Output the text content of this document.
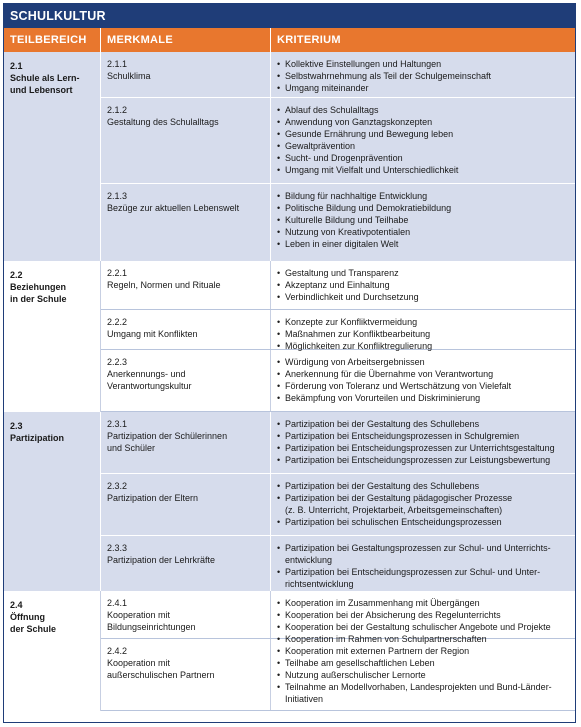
SCHULKULTUR
TEILBEREICH	MERKMALE	KRITERIUM
2.1
Schule als Lern-
und Lebensort
2.1.1
Schulklima
• Kollektive Einstellungen und Haltungen
• Selbstwahrnehmung als Teil der Schulgemeinschaft
• Umgang miteinander
2.1.2
Gestaltung des Schulalltags
• Ablauf des Schulalltags
• Anwendung von Ganztagskonzepten
• Gesunde Ernährung und Bewegung leben
• Gewaltprävention
• Sucht- und Drogenprävention
• Umgang mit Vielfalt und Unterschiedlichkeit
2.1.3
Bezüge zur aktuellen Lebenswelt
• Bildung für nachhaltige Entwicklung
• Politische Bildung und Demokratiebildung
• Kulturelle Bildung und Teilhabe
• Nutzung von Kreativpotentialen
• Leben in einer digitalen Welt
2.2
Beziehungen
in der Schule
2.2.1
Regeln, Normen und Rituale
• Gestaltung und Transparenz
• Akzeptanz und Einhaltung
• Verbindlichkeit und Durchsetzung
2.2.2
Umgang mit Konflikten
• Konzepte zur Konfliktvermeidung
• Maßnahmen zur Konfliktbearbeitung
• Möglichkeiten zur Konfliktregulierung
2.2.3
Anerkennungs- und
Verantwortungskultur
• Würdigung von Arbeitsergebnissen
• Anerkennung für die Übernahme von Verantwortung
• Förderung von Toleranz und Wertschätzung von Vielefalt
• Bekämpfung von Vorurteilen und Diskriminierung
2.3
Partizipation
2.3.1
Partizipation der Schülerinnen
und Schüler
• Partizipation bei der Gestaltung des Schullebens
• Partizipation bei Entscheidungsprozessen in Schulgremien
• Partizipation bei Entscheidungsprozessen zur Unterrichtsgestaltung
• Partizipation bei Entscheidungsprozessen zur Leistungsbewertung
2.3.2
Partizipation der Eltern
• Partizipation bei der Gestaltung des Schullebens
• Partizipation bei der Gestaltung pädagogischer Prozesse
(z. B. Unterricht, Projektarbeit, Arbeitsgemeinschaften)
• Partizipation bei schulischen Entscheidungsprozessen
2.3.3
Partizipation der Lehrkräfte
• Partizipation bei Gestaltungsprozessen zur Schul- und Unterrichts-
entwicklung
• Partizipation bei Entscheidungsprozessen zur Schul- und Unter-
richtsentwicklung
2.4
Öffnung
der Schule
2.4.1
Kooperation mit
Bildungseinrichtungen
• Kooperation im Zusammenhang mit Übergängen
• Kooperation bei der Absicherung des Regelunterrichts
• Kooperation bei der Gestaltung schulischer Angebote und Projekte
• Kooperation im Rahmen von Schulpartnerschaften
2.4.2
Kooperation mit
außerschulischen Partnern
• Kooperation mit externen Partnern der Region
• Teilhabe am gesellschaftlichen Leben
• Nutzung außerschulischer Lernorte
• Teilnahme an Modellvorhaben, Landesprojekten und Bund-Länder-
Initiativen
